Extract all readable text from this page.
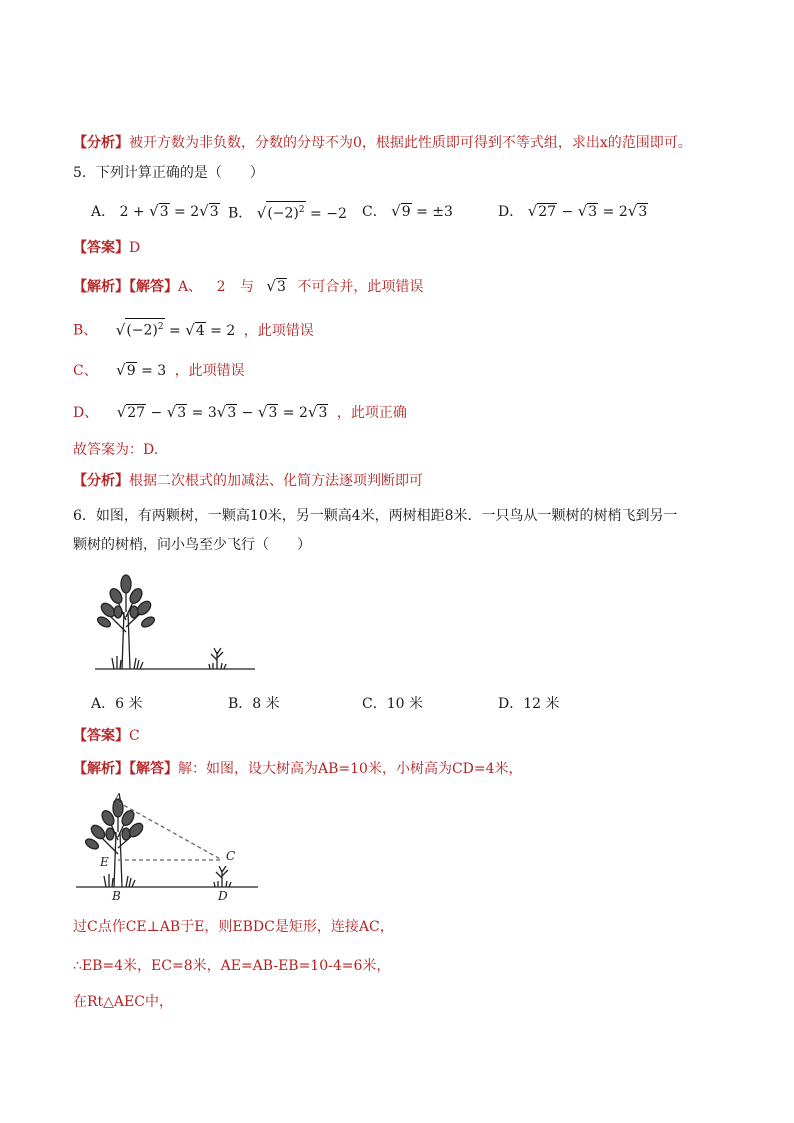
【分析】被开方数为非负数，分数的分母不为0，根据此性质即可得到不等式组，求出x的范围即可。
5．下列计算正确的是（　　）
A． 2 + √3 = 2√3 B． $√(-2)^2 = -2$ C． √9 = ±3	D． √27 − √3 = 2√3
【答案】D
【解析】【解答】A、 2 与 √3 不可合并，此项错误
B、 $√(-2)^2 = √4 = 2$ ，此项错误
C、 √9 = 3 ，此项错误
D、 √27 − √3 = 3√3 − √3 = 2√3 ，此项正确
故答案为：D.
【分析】根据二次根式的加减法、化简方法逐项判断即可
6．如图，有两颗树，一颗高10米，另一颗高4米，两树相距8米．一只鸟从一颗树的树梢飞到另一
颗树的树梢，问小鸟至少飞行（　　）
A．6 米	B．8 米	C．10 米	D．12 米
【答案】C
【解析】【解答】解：如图，设大树高为AB=10米，小树高为CD=4米，
A
E
B
C
D
过C点作CE⊥AB于E，则EBDC是矩形，连接AC，
∴EB=4米，EC=8米，AE=AB-EB=10-4=6米，
在Rt△AEC中，
